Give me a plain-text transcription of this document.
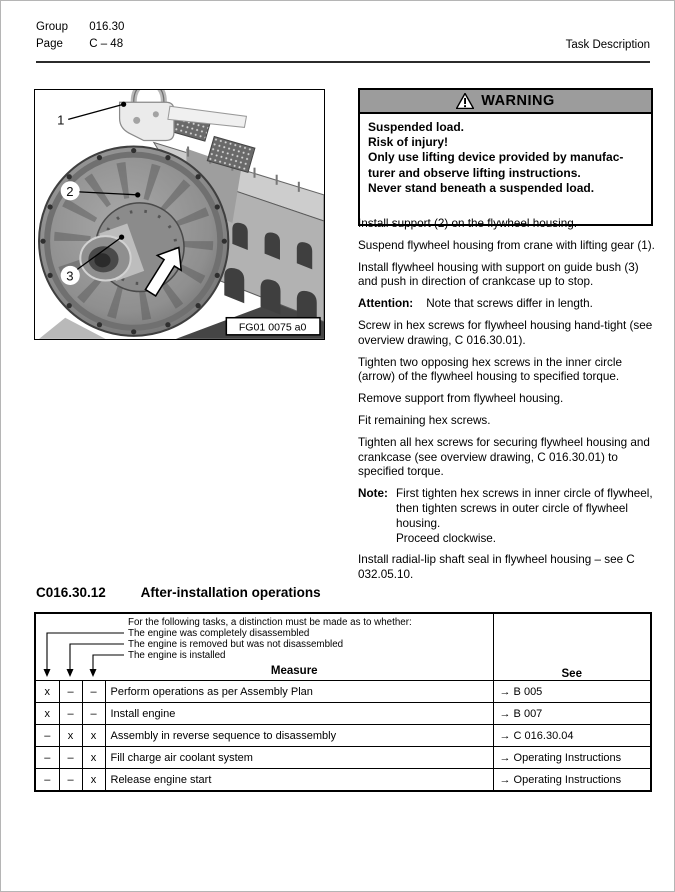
Group 016.30
Page C – 48	Task Description
1
2
3
FG01 0075 a0
WARNING
Suspended load.
Risk of injury!
Only use lifting device provided by manufac-
turer and observe lifting instructions.
Never stand beneath a suspended load.

Install support (2) on the flywheel housing.

Suspend flywheel housing from crane with lifting gear (1).

Install flywheel housing with support on guide bush (3) and push in direction of crankcase up to stop.

Attention: Note that screws differ in length.

Screw in hex screws for flywheel housing hand-tight (see overview drawing, C 016.30.01).

Tighten two opposing hex screws in the inner circle (arrow) of the flywheel housing to specified torque.

Remove support from flywheel housing.

Fit remaining hex screws.

Tighten all hex screws for securing flywheel housing and crankcase (see overview drawing, C 016.30.01) to specified torque.

Note: First tighten hex screws in inner circle of flywheel, then tighten screws in outer circle of flywheel housing.
Proceed clockwise.

Install radial-lip shaft seal in flywheel housing – see C 032.05.10.

C016.30.12	After-installation operations
For the following tasks, a distinction must be made as to whether:
The engine was completely disassembled
The engine is removed but was not disassembled
The engine is installed
Measure				See
x	–	–	Perform operations as per Assembly Plan	→ B 005
x	–	–	Install engine	→ B 007
–	x	x	Assembly in reverse sequence to disassembly	→ C 016.30.04
–	–	x	Fill charge air coolant system	→ Operating Instructions
–	–	x	Release engine start	→ Operating Instructions
